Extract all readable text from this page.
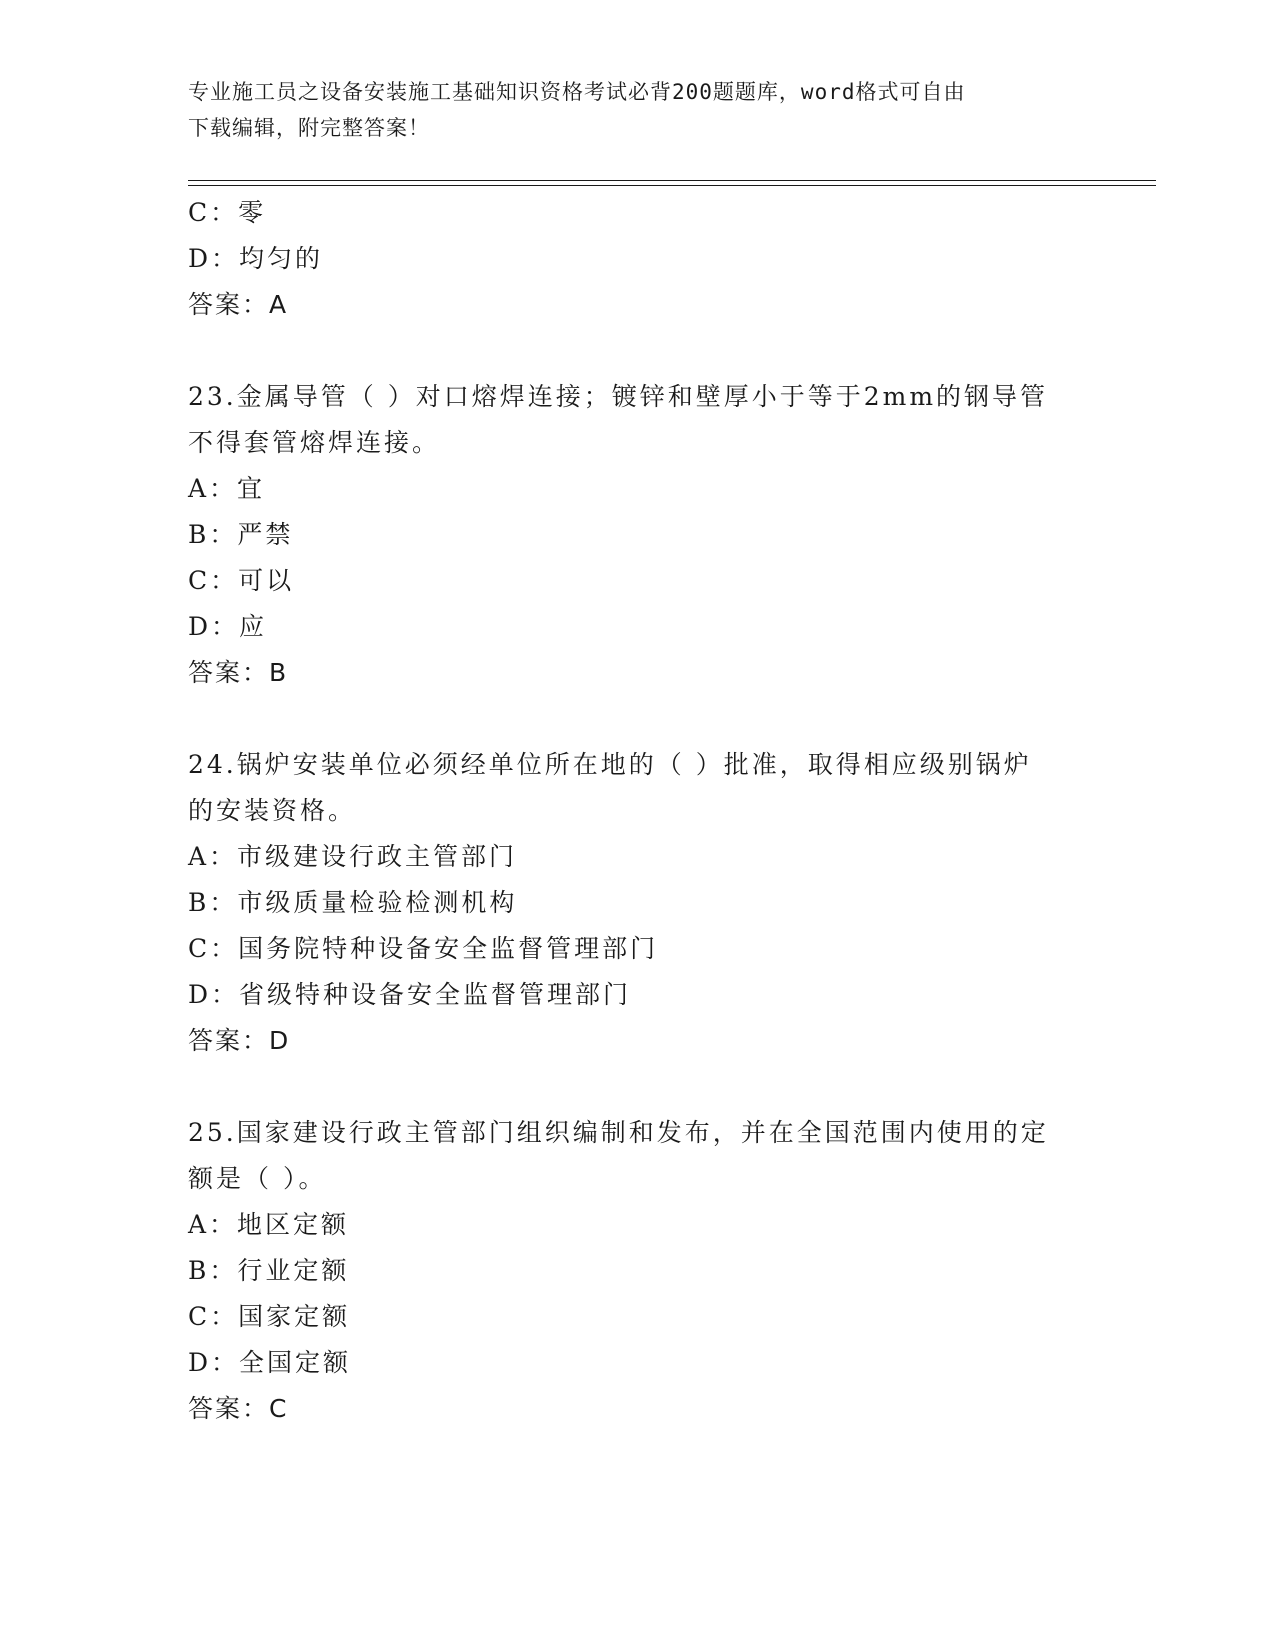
专业施工员之设备安装施工基础知识资格考试必背200题题库，word格式可自由
下载编辑，附完整答案！
C：零
D：均匀的
答案：A
23.金属导管（ ）对口熔焊连接；镀锌和壁厚小于等于2mm的钢导管
不得套管熔焊连接。
A：宜
B：严禁
C：可以
D：应
答案：B
24.锅炉安装单位必须经单位所在地的（ ）批准，取得相应级别锅炉
的安装资格。
A：市级建设行政主管部门
B：市级质量检验检测机构
C：国务院特种设备安全监督管理部门
D：省级特种设备安全监督管理部门
答案：D
25.国家建设行政主管部门组织编制和发布，并在全国范围内使用的定
额是（ ）。
A：地区定额
B：行业定额
C：国家定额
D：全国定额
答案：C
